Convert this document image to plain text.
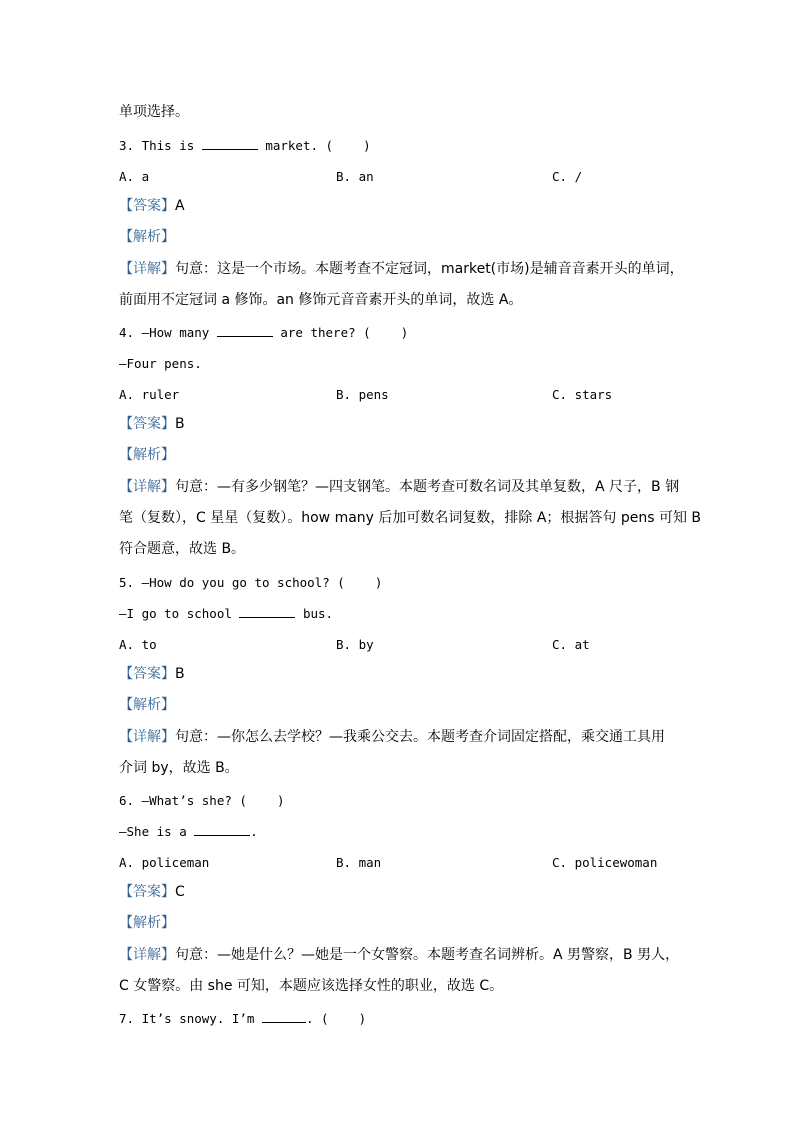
单项选择。
3. This is	market. (    )
A. a	B. an	C. /
【答案】A
【解析】
【详解】句意：这是一个市场。本题考查不定冠词，market(市场)是辅音音素开头的单词，
前面用不定冠词 a 修饰。an 修饰元音音素开头的单词，故选 A。
4. —How many	are there? (    )
—Four pens.
A. ruler	B. pens	C. stars
【答案】B
【解析】
【详解】句意：—有多少钢笔？—四支钢笔。本题考查可数名词及其单复数，A 尺子，B 钢
笔（复数），C 星星（复数）。how many 后加可数名词复数，排除 A；根据答句 pens 可知 B
符合题意，故选 B。
5. —How do you go to school? (    )
—I go to school	bus.
A. to	B. by	C. at
【答案】B
【解析】
【详解】句意：—你怎么去学校？—我乘公交去。本题考查介词固定搭配，乘交通工具用
介词 by，故选 B。
6. —What’s she? (    )
—She is a	.
A. policeman	B. man	C. policewoman
【答案】C
【解析】
【详解】句意：—她是什么？—她是一个女警察。本题考查名词辨析。A 男警察，B 男人，
C 女警察。由 she 可知，本题应该选择女性的职业，故选 C。
7. It’s snowy. I’m	. (    )
